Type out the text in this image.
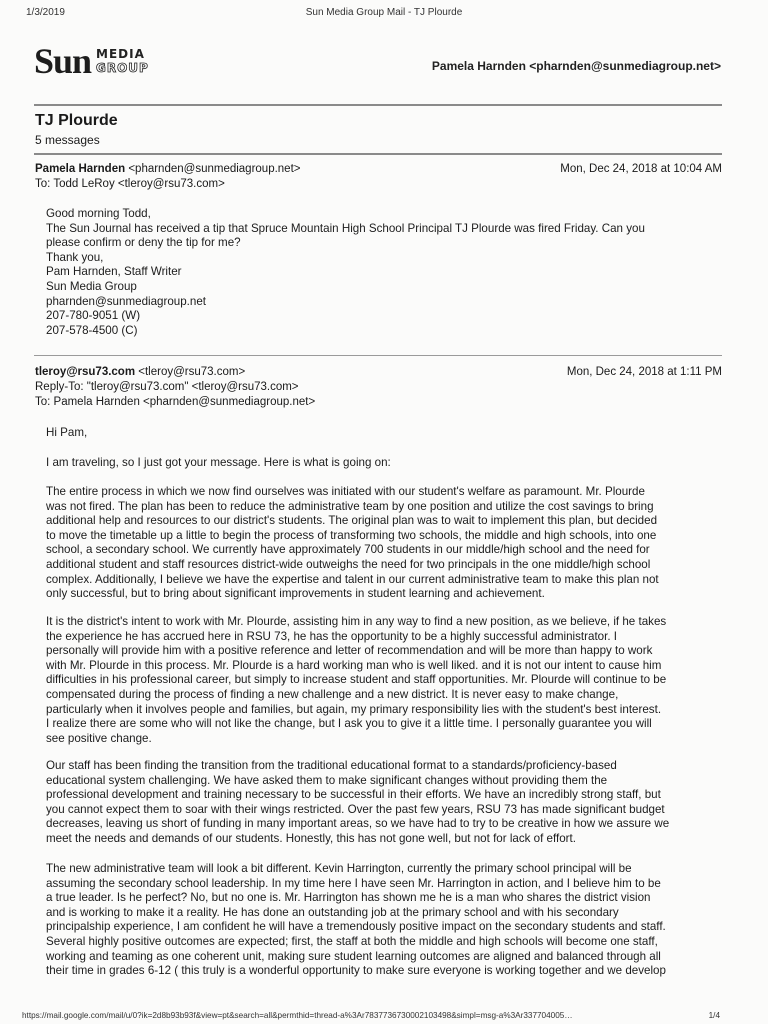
1/3/2019	Sun Media Group Mail - TJ Plourde
Sun MEDIA
GROUP	Pamela Harnden <pharnden@sunmediagroup.net>
TJ Plourde
5 messages
Pamela Harnden <pharnden@sunmediagroup.net>	Mon, Dec 24, 2018 at 10:04 AM
To: Todd LeRoy <tleroy@rsu73.com>

Good morning Todd,
The Sun Journal has received a tip that Spruce Mountain High School Principal TJ Plourde was fired Friday. Can you
please confirm or deny the tip for me?
Thank you,
Pam Harnden, Staff Writer
Sun Media Group
pharnden@sunmediagroup.net
207-780-9051 (W)
207-578-4500 (C)

tleroy@rsu73.com <tleroy@rsu73.com>	Mon, Dec 24, 2018 at 1:11 PM
Reply-To: "tleroy@rsu73.com" <tleroy@rsu73.com>
To: Pamela Harnden <pharnden@sunmediagroup.net>

Hi Pam,

I am traveling, so I just got your message. Here is what is going on:

The entire process in which we now find ourselves was initiated with our student's welfare as paramount. Mr. Plourde
was not fired. The plan has been to reduce the administrative team by one position and utilize the cost savings to bring
additional help and resources to our district's students. The original plan was to wait to implement this plan, but decided
to move the timetable up a little to begin the process of transforming two schools, the middle and high schools, into one
school, a secondary school. We currently have approximately 700 students in our middle/high school and the need for
additional student and staff resources district-wide outweighs the need for two principals in the one middle/high school
complex. Additionally, I believe we have the expertise and talent in our current administrative team to make this plan not
only successful, but to bring about significant improvements in student learning and achievement.

It is the district's intent to work with Mr. Plourde, assisting him in any way to find a new position, as we believe, if he takes
the experience he has accrued here in RSU 73, he has the opportunity to be a highly successful administrator. I
personally will provide him with a positive reference and letter of recommendation and will be more than happy to work
with Mr. Plourde in this process. Mr. Plourde is a hard working man who is well liked. and it is not our intent to cause him
difficulties in his professional career, but simply to increase student and staff opportunities. Mr. Plourde will continue to be
compensated during the process of finding a new challenge and a new district. It is never easy to make change,
particularly when it involves people and families, but again, my primary responsibility lies with the student's best interest.
I realize there are some who will not like the change, but I ask you to give it a little time. I personally guarantee you will
see positive change.

Our staff has been finding the transition from the traditional educational format to a standards/proficiency-based
educational system challenging. We have asked them to make significant changes without providing them the
professional development and training necessary to be successful in their efforts. We have an incredibly strong staff, but
you cannot expect them to soar with their wings restricted. Over the past few years, RSU 73 has made significant budget
decreases, leaving us short of funding in many important areas, so we have had to try to be creative in how we assure we
meet the needs and demands of our students. Honestly, this has not gone well, but not for lack of effort.

The new administrative team will look a bit different. Kevin Harrington, currently the primary school principal will be
assuming the secondary school leadership. In my time here I have seen Mr. Harrington in action, and I believe him to be
a true leader. Is he perfect? No, but no one is. Mr. Harrington has shown me he is a man who shares the district vision
and is working to make it a reality. He has done an outstanding job at the primary school and with his secondary
principalship experience, I am confident he will have a tremendously positive impact on the secondary students and staff.
Several highly positive outcomes are expected; first, the staff at both the middle and high schools will become one staff,
working and teaming as one coherent unit, making sure student learning outcomes are aligned and balanced through all
their time in grades 6-12 ( this truly is a wonderful opportunity to make sure everyone is working together and we develop

https://mail.google.com/mail/u/0?ik=2d8b93b93f&view=pt&search=all&permthid=thread-a%3Ar7837736730002103498&simpl=msg-a%3Ar337704005…	1/4
